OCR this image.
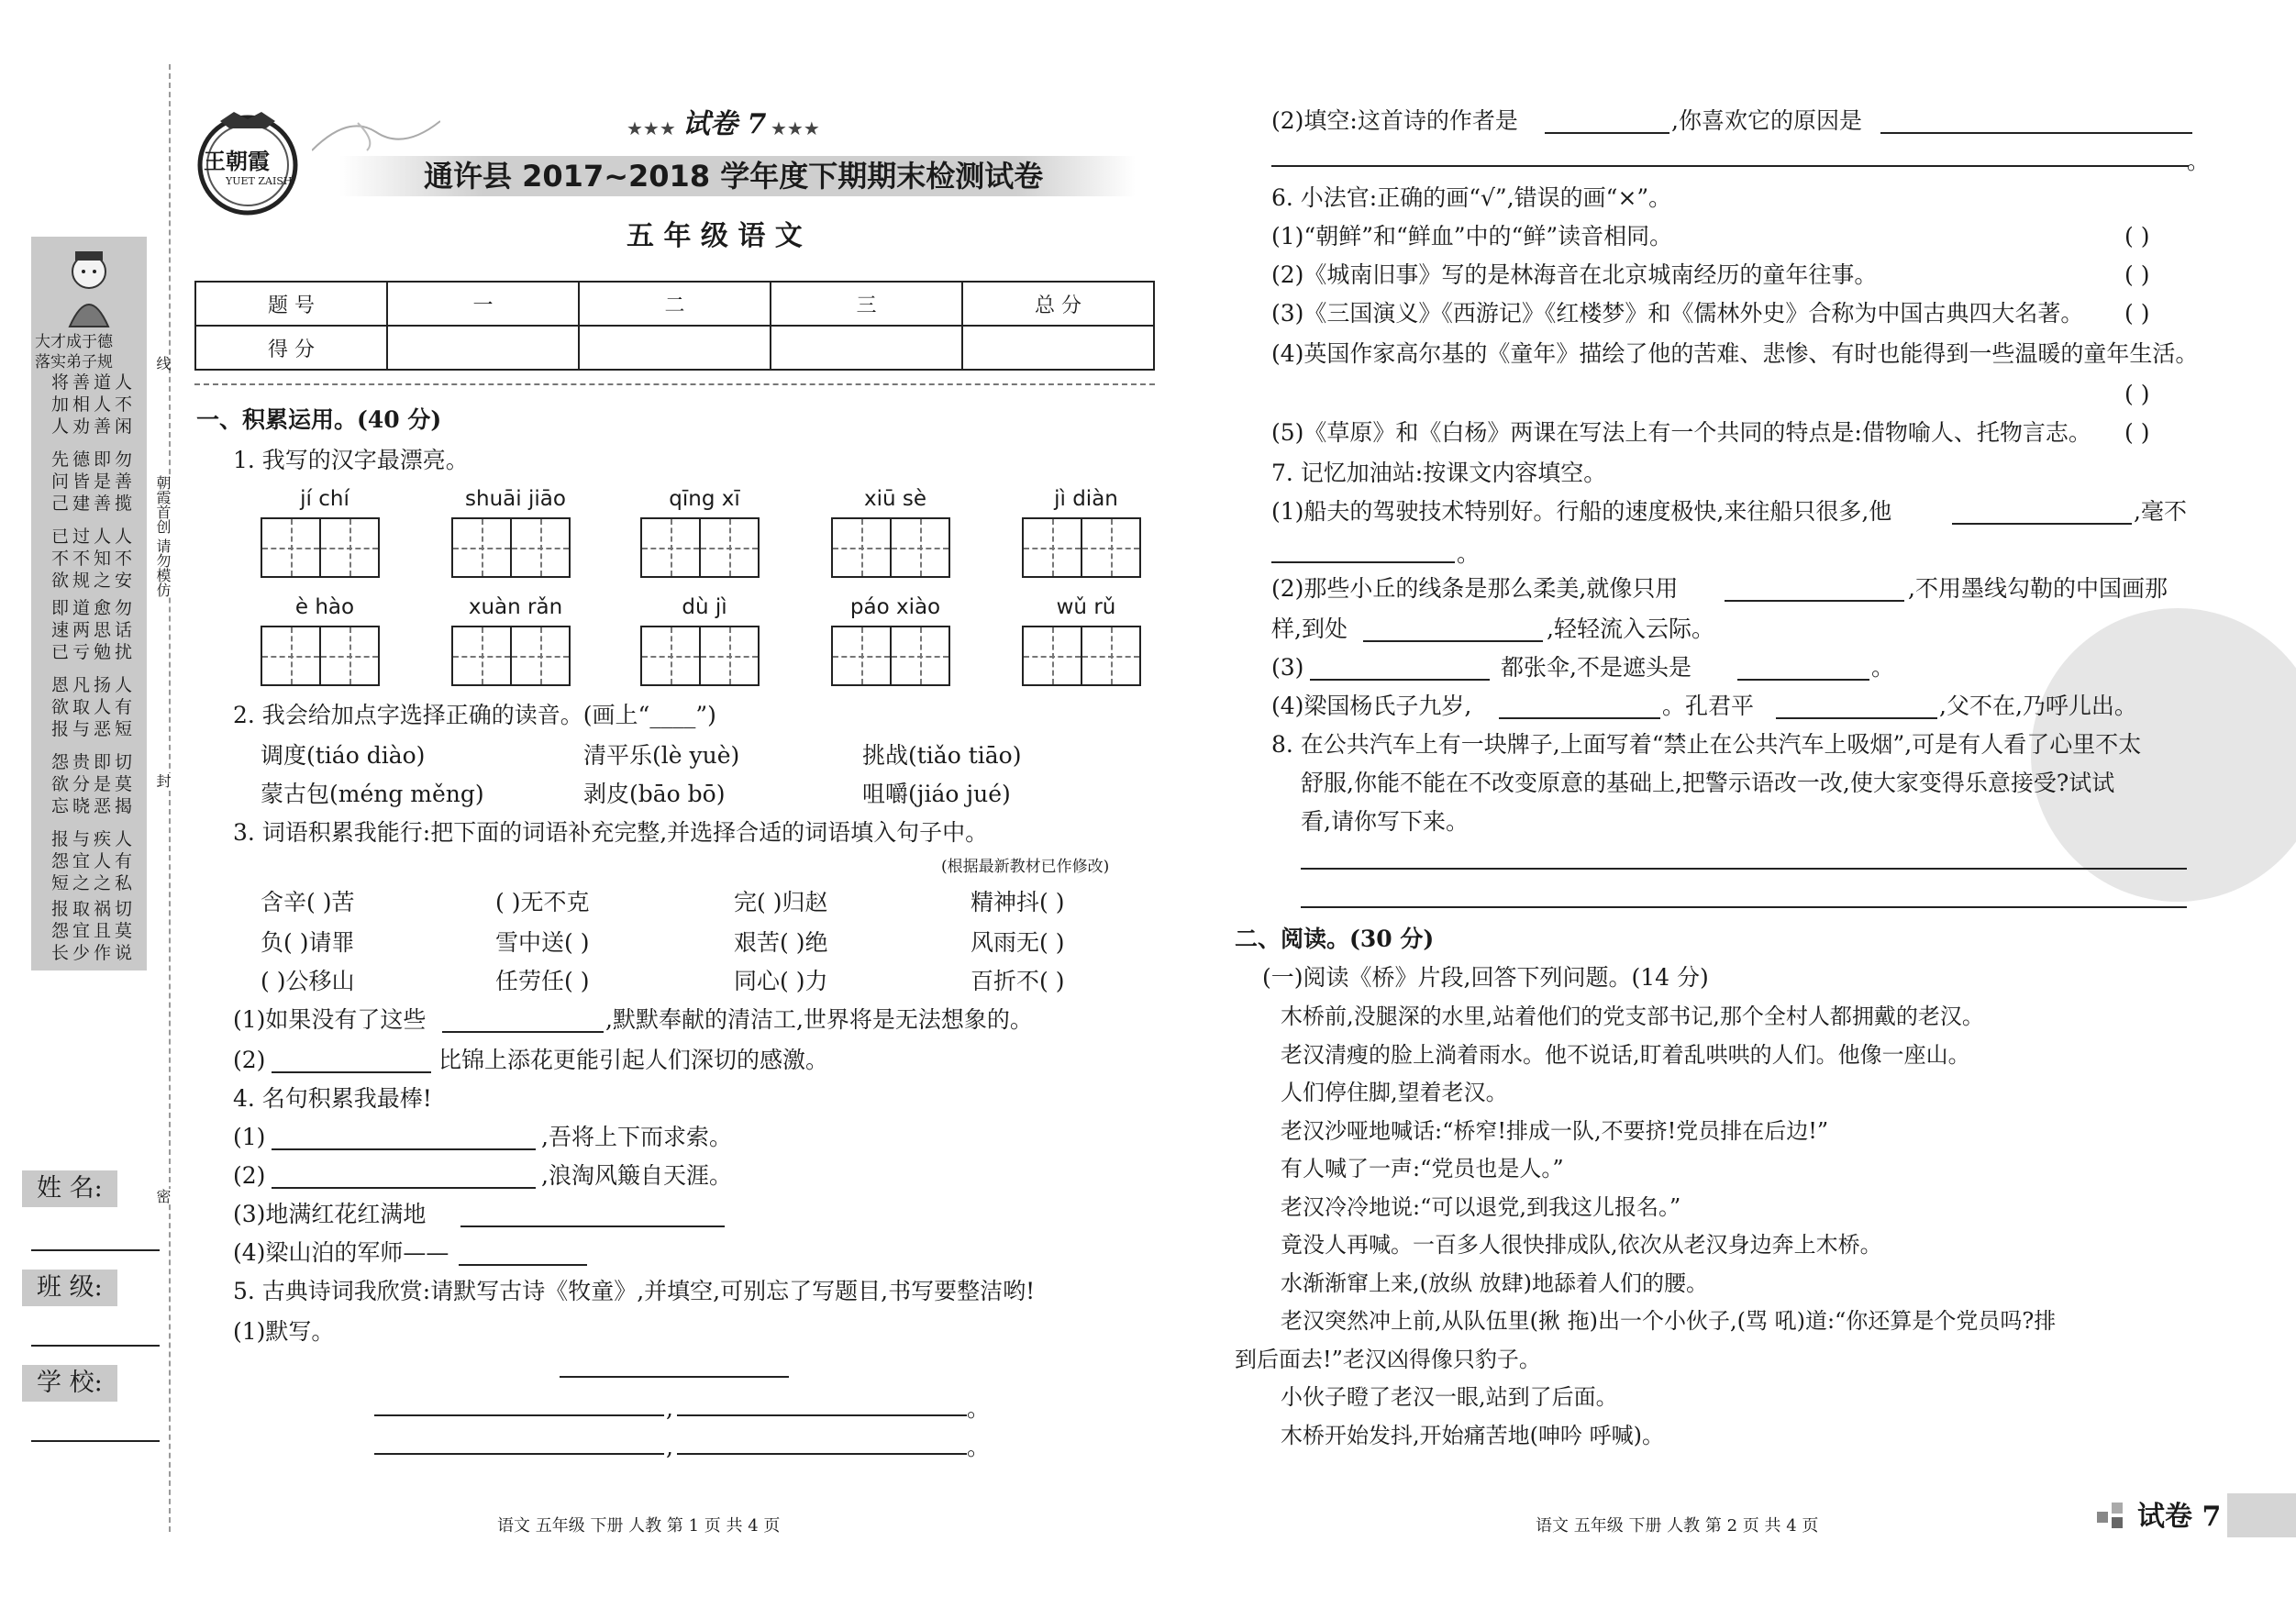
大才成于德
落实弟子规
将善道人
加相人不
人劝善闲
先德即勿
问皆是善
己建善揽
已过人人
不不知不
欲规之安
即道愈勿
速两思话
已亏勉扰
恩凡扬人
欲取人有
报与恶短
怨贵即切
欲分是莫
忘晓恶揭
报与疾人
怨宜人有
短之之私
报取祸切
怨宜且莫
长少作说
线
朝霞首创 请勿模仿
封
密
姓 名:
班 级:
学 校:
王朝霞
YUET ZAISH
★★★ 试卷 7 ★★★
通许县 2017~2018 学年度下期期末检测试卷
五 年 级 语 文
题 号	一	二	三	总 分
得 分				
一、积累运用。(40 分)
1. 我写的汉字最漂亮。
jí chí	shuāi jiāo	qīng xī	xiū sè	jì diàn
è hào	xuàn rǎn	dù jì	páo xiào	wǔ rǔ
2. 我会给加点字选择正确的读音。(画上“____”)
调度(tiáo diào)	清平乐(lè yuè)	挑战(tiǎo tiāo)
蒙古包(méng měng)	剥皮(bāo bō)	咀嚼(jiáo jué)
3. 词语积累我能行:把下面的词语补充完整,并选择合适的词语填入句子中。
(根据最新教材已作修改)
含辛( )苦	( )无不克	完( )归赵	精神抖( )
负( )请罪	雪中送( )	艰苦( )绝	风雨无( )
( )公移山	任劳任( )	同心( )力	百折不( )
(1)如果没有了这些	,默默奉献的清洁工,世界将是无法想象的。
(2)	比锦上添花更能引起人们深切的感激。
4. 名句积累我最棒!
(1)	,吾将上下而求索。
(2)	,浪淘风簸自天涯。
(3)地满红花红满地
(4)梁山泊的军师——
5. 古典诗词我欣赏:请默写古诗《牧童》,并填空,可别忘了写题目,书写要整洁哟!
(1)默写。
,	。
,	。
语文 五年级 下册 人教 第 1 页 共 4 页
(2)填空:这首诗的作者是	,你喜欢它的原因是
。
6. 小法官:正确的画“√”,错误的画“×”。
(1)“朝鲜”和“鲜血”中的“鲜”读音相同。	( )
(2)《城南旧事》写的是林海音在北京城南经历的童年往事。	( )
(3)《三国演义》《西游记》《红楼梦》和《儒林外史》合称为中国古典四大名著。 ( )
(4)英国作家高尔基的《童年》描绘了他的苦难、悲惨、有时也能得到一些温暖的童年生活。
( )
(5)《草原》和《白杨》两课在写法上有一个共同的特点是:借物喻人、托物言志。 ( )
7. 记忆加油站:按课文内容填空。
(1)船夫的驾驶技术特别好。行船的速度极快,来往船只很多,他	,毫不
。
(2)那些小丘的线条是那么柔美,就像只用	,不用墨线勾勒的中国画那
样,到处	,轻轻流入云际。
(3)	都张伞,不是遮头是	。
(4)梁国杨氏子九岁,	。孔君平	,父不在,乃呼儿出。
8. 在公共汽车上有一块牌子,上面写着“禁止在公共汽车上吸烟”,可是有人看了心里不太
舒服,你能不能在不改变原意的基础上,把警示语改一改,使大家变得乐意接受?试试
看,请你写下来。
二、阅读。(30 分)
(一)阅读《桥》片段,回答下列问题。(14 分)
木桥前,没腿深的水里,站着他们的党支部书记,那个全村人都拥戴的老汉。
老汉清瘦的脸上淌着雨水。他不说话,盯着乱哄哄的人们。他像一座山。
人们停住脚,望着老汉。
老汉沙哑地喊话:“桥窄!排成一队,不要挤!党员排在后边!”
有人喊了一声:“党员也是人。”
老汉冷冷地说:“可以退党,到我这儿报名。”
竟没人再喊。一百多人很快排成队,依次从老汉身边奔上木桥。
水渐渐窜上来,(放纵 放肆)地舔着人们的腰。
老汉突然冲上前,从队伍里(揪 拖)出一个小伙子,(骂 吼)道:“你还算是个党员吗?排
到后面去!”老汉凶得像只豹子。
小伙子瞪了老汉一眼,站到了后面。
木桥开始发抖,开始痛苦地(呻吟 呼喊)。
语文 五年级 下册 人教 第 2 页 共 4 页	试卷 7
